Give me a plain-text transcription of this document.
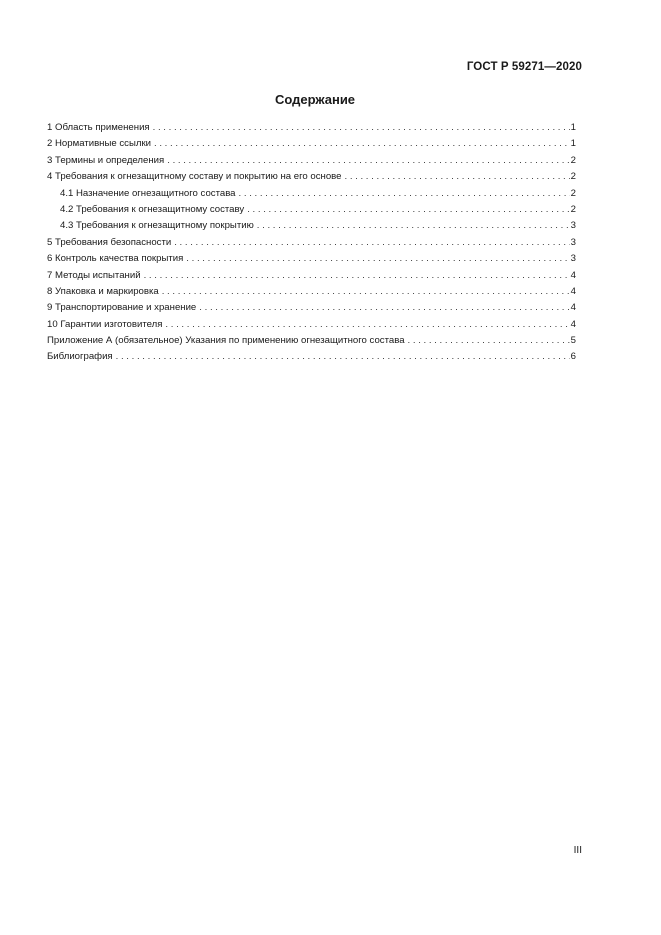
ГОСТ Р 59271—2020
Содержание
1 Область применения . . .	1
2 Нормативные ссылки . . .	1
3 Термины и определения . . .	2
4 Требования к огнезащитному составу и покрытию на его основе . . .	2
4.1 Назначение огнезащитного состава . . .	2
4.2 Требования к огнезащитному составу . . .	2
4.3 Требования к огнезащитному покрытию . . .	3
5 Требования безопасности . . .	3
6 Контроль качества покрытия . . .	3
7 Методы испытаний . . .	4
8 Упаковка и маркировка . . .	4
9 Транспортирование и хранение . . .	4
10 Гарантии изготовителя . . .	4
Приложение А (обязательное) Указания по применению огнезащитного состава . . .	5
Библиография . . .	6
III
